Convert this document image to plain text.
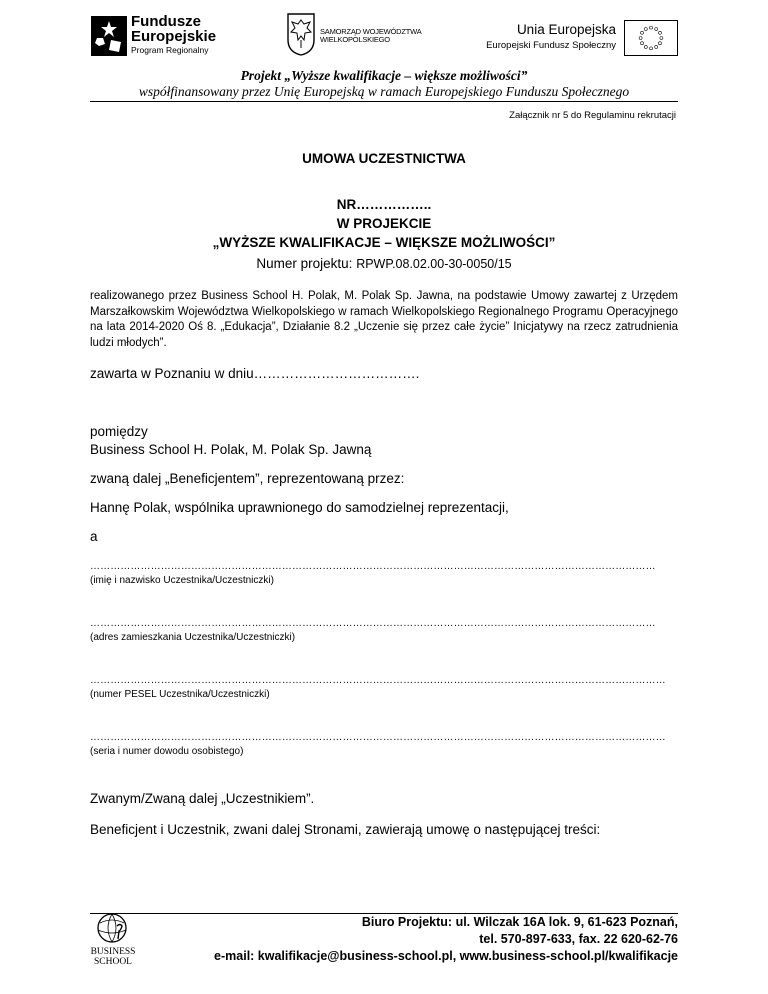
Fundusze
Europejskie
Program Regionalny
SAMORZĄD WOJEWÓDZTWA
WIELKOPOLSKIEGO
Unia Europejska
Europejski Fundusz Społeczny
Projekt „Wyższe kwalifikacje – większe możliwości”
współfinansowany przez Unię Europejską w ramach Europejskiego Funduszu Społecznego
Załącznik nr 5 do Regulaminu rekrutacji
UMOWA UCZESTNICTWA
NR……………..
W PROJEKCIE
„WYŻSZE KWALIFIKACJE – WIĘKSZE MOŻLIWOŚCI”
Numer projektu: RPWP.08.02.00-30-0050/15
realizowanego przez Business School H. Polak, M. Polak Sp. Jawna, na podstawie Umowy zawartej z Urzędem Marszałkowskim Województwa Wielkopolskiego w ramach Wielkopolskiego Regionalnego Programu Operacyjnego na lata 2014-2020 Oś 8. „Edukacja”, Działanie 8.2 „Uczenie się przez całe życie” Inicjatywy na rzecz zatrudnienia ludzi młodych”.
zawarta w Poznaniu w dniu……………………………….
pomiędzy
Business School H. Polak, M. Polak Sp. Jawną
zwaną dalej „Beneficjentem”, reprezentowaną przez:
Hannę Polak, wspólnika uprawnionego do samodzielnej reprezentacji,
a
……………………………………………………………………………………………………………………………………………………
(imię i nazwisko Uczestnika/Uczestniczki)
……………………………………………………………………………………………………………………………………………………
(adres zamieszkania Uczestnika/Uczestniczki)
………………………………………………………………………………………………………………………………………………………
(numer PESEL Uczestnika/Uczestniczki)
………………………………………………………………………………………………………………………………………………………
(seria i numer dowodu osobistego)
Zwanym/Zwaną dalej „Uczestnikiem”.
Beneficjent i Uczestnik, zwani dalej Stronami, zawierają umowę o następującej treści:
BUSINESS
SCHOOL
Biuro Projektu: ul. Wilczak 16A lok. 9, 61-623 Poznań,
tel. 570-897-633, fax. 22 620-62-76
e-mail: kwalifikacje@business-school.pl, www.business-school.pl/kwalifikacje
